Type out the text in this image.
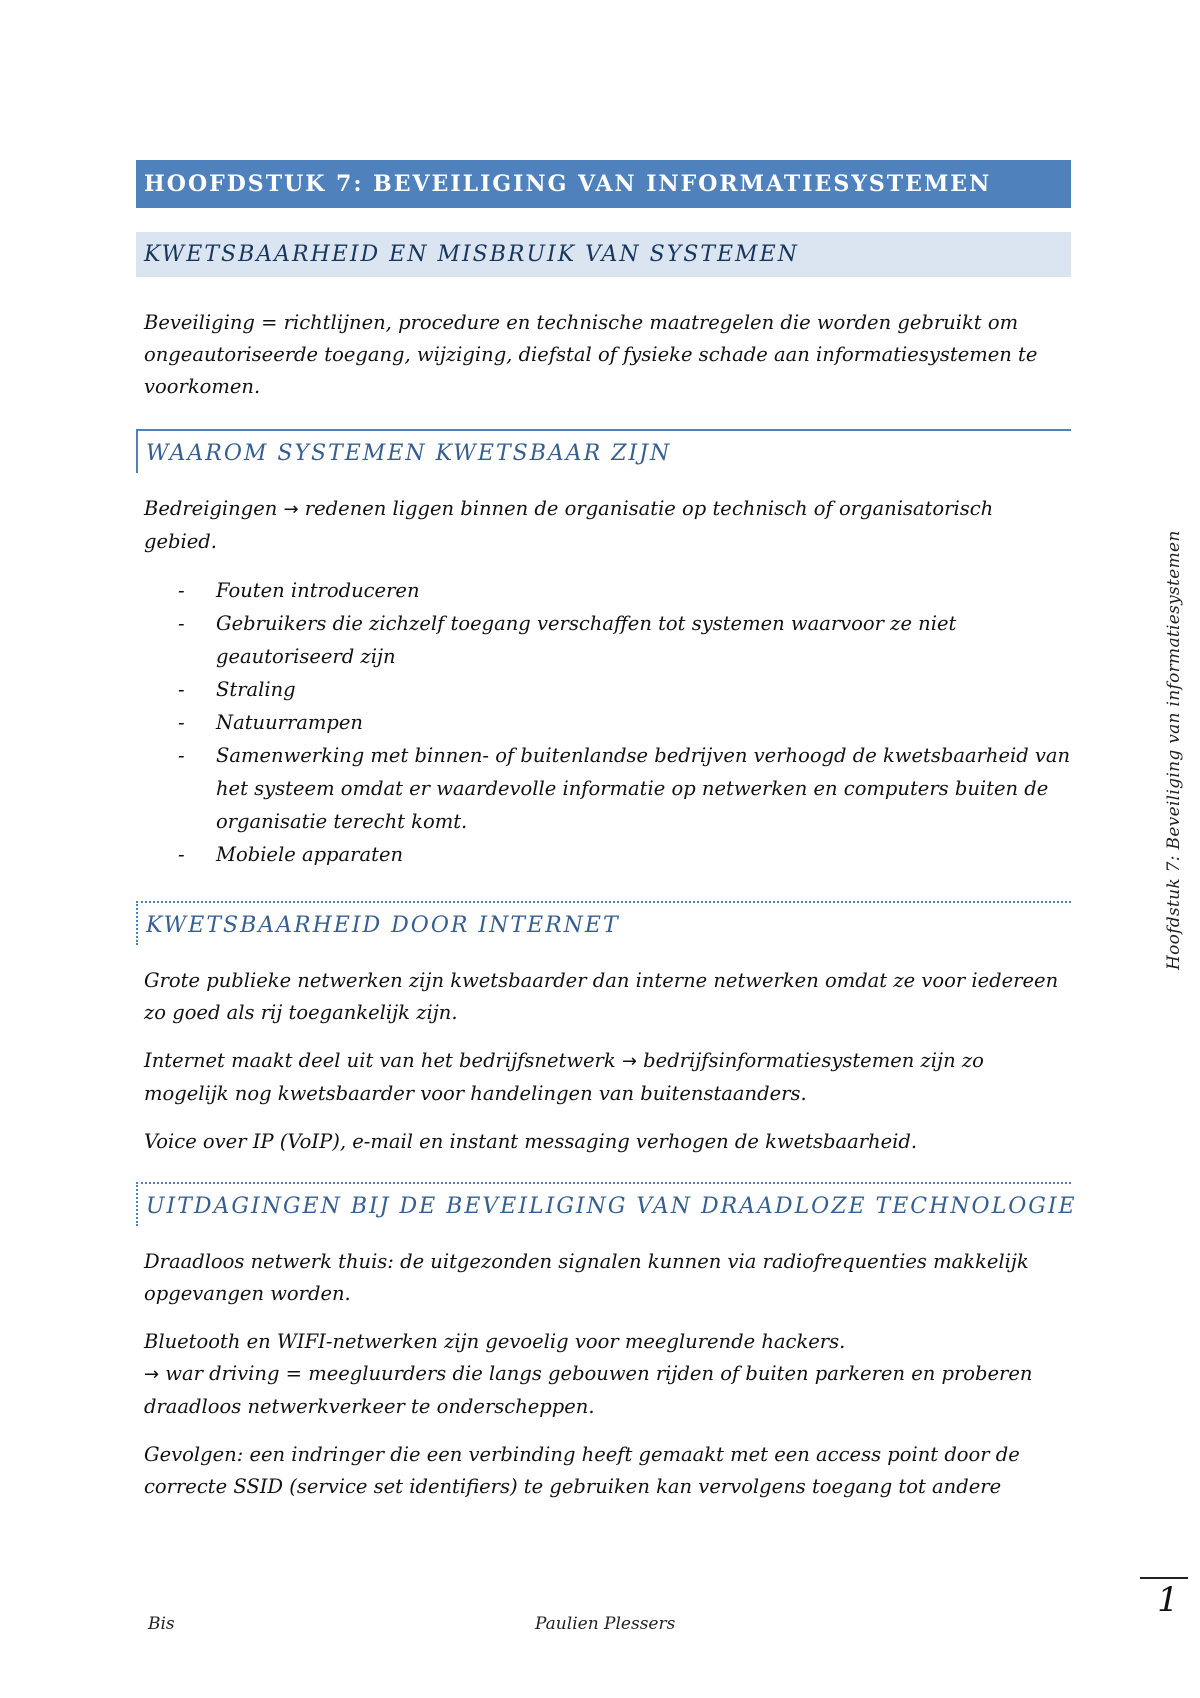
HOOFDSTUK 7: BEVEILIGING VAN INFORMATIESYSTEMEN
KWETSBAARHEID EN MISBRUIK VAN SYSTEMEN

Beveiliging = richtlijnen, procedure en technische maatregelen die worden gebruikt om ongeautoriseerde toegang, wijziging, diefstal of fysieke schade aan informatiesystemen te voorkomen.

WAAROM SYSTEMEN KWETSBAAR ZIJN

Bedreigingen → redenen liggen binnen de organisatie op technisch of organisatorisch gebied.

- Fouten introduceren
- Gebruikers die zichzelf toegang verschaffen tot systemen waarvoor ze niet geautoriseerd zijn
- Straling
- Natuurrampen
- Samenwerking met binnen- of buitenlandse bedrijven verhoogd de kwetsbaarheid van het systeem omdat er waardevolle informatie op netwerken en computers buiten de organisatie terecht komt.
- Mobiele apparaten
KWETSBAARHEID DOOR INTERNET

Grote publieke netwerken zijn kwetsbaarder dan interne netwerken omdat ze voor iedereen zo goed als rij toegankelijk zijn.

Internet maakt deel uit van het bedrijfsnetwerk → bedrijfsinformatiesystemen zijn zo mogelijk nog kwetsbaarder voor handelingen van buitenstaanders.

Voice over IP (VoIP), e-mail en instant messaging verhogen de kwetsbaarheid.

UITDAGINGEN BIJ DE BEVEILIGING VAN DRAADLOZE TECHNOLOGIE

Draadloos netwerk thuis: de uitgezonden signalen kunnen via radiofrequenties makkelijk opgevangen worden.

Bluetooth en WIFI-netwerken zijn gevoelig voor meeglurende hackers.
→ war driving = meegluurders die langs gebouwen rijden of buiten parkeren en proberen draadloos netwerkverkeer te onderscheppen.

Gevolgen: een indringer die een verbinding heeft gemaakt met een access point door de correcte SSID (service set identifiers) te gebruiken kan vervolgens toegang tot andere

Hoofdstuk 7: Beveiliging van informatiesystemen
Bis	Paulien Plessers
1
